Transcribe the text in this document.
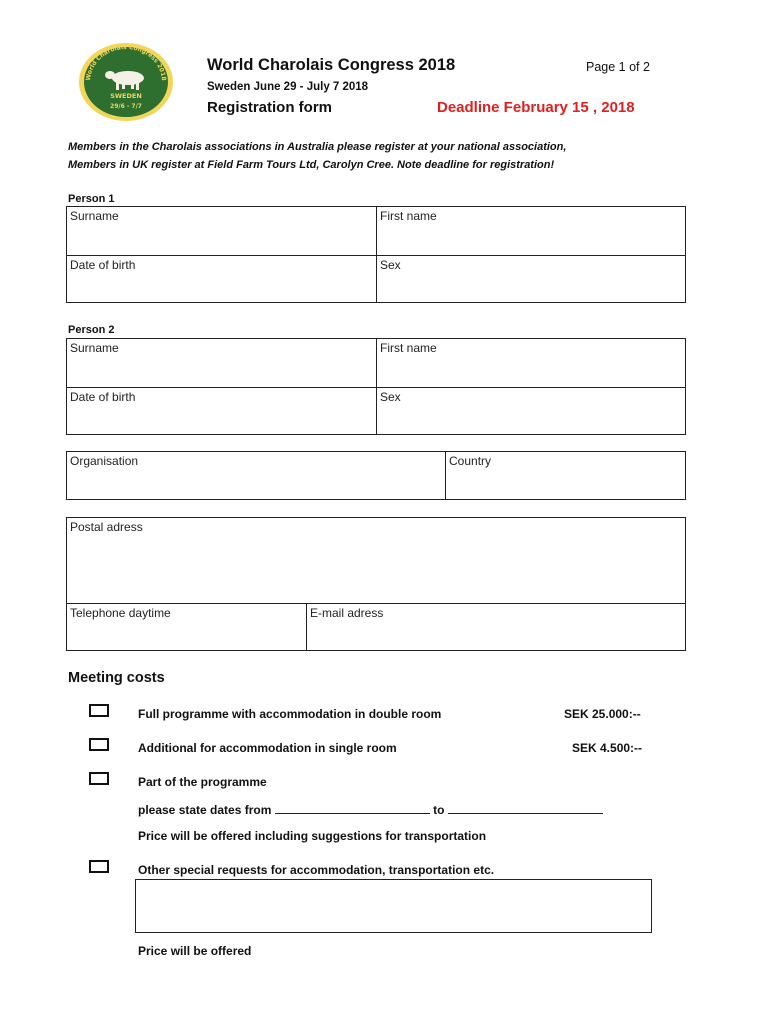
World Charolais Congress 2018
SWEDEN
29/6 - 7/7
World Charolais Congress 2018	Page 1 of 2
Sweden June 29 - July 7 2018
Registration form	Deadline February 15 , 2018
Members in the Charolais associations in Australia please register at your national association,
Members in UK register at Field Farm Tours Ltd, Carolyn Cree. Note deadline for registration!
Person 1
Surname	First name
Date of birth	Sex
Person 2
Surname	First name
Date of birth	Sex
Organisation	Country
Postal adress
Telephone daytime	E-mail adress
Meeting costs
Full programme with accommodation in double room	SEK 25.000:--
Additional for accommodation in single room	SEK 4.500:--
Part of the programme
please state dates from	to
Price will be offered including suggestions for transportation
Other special requests for accommodation, transportation etc.
Price will be offered
